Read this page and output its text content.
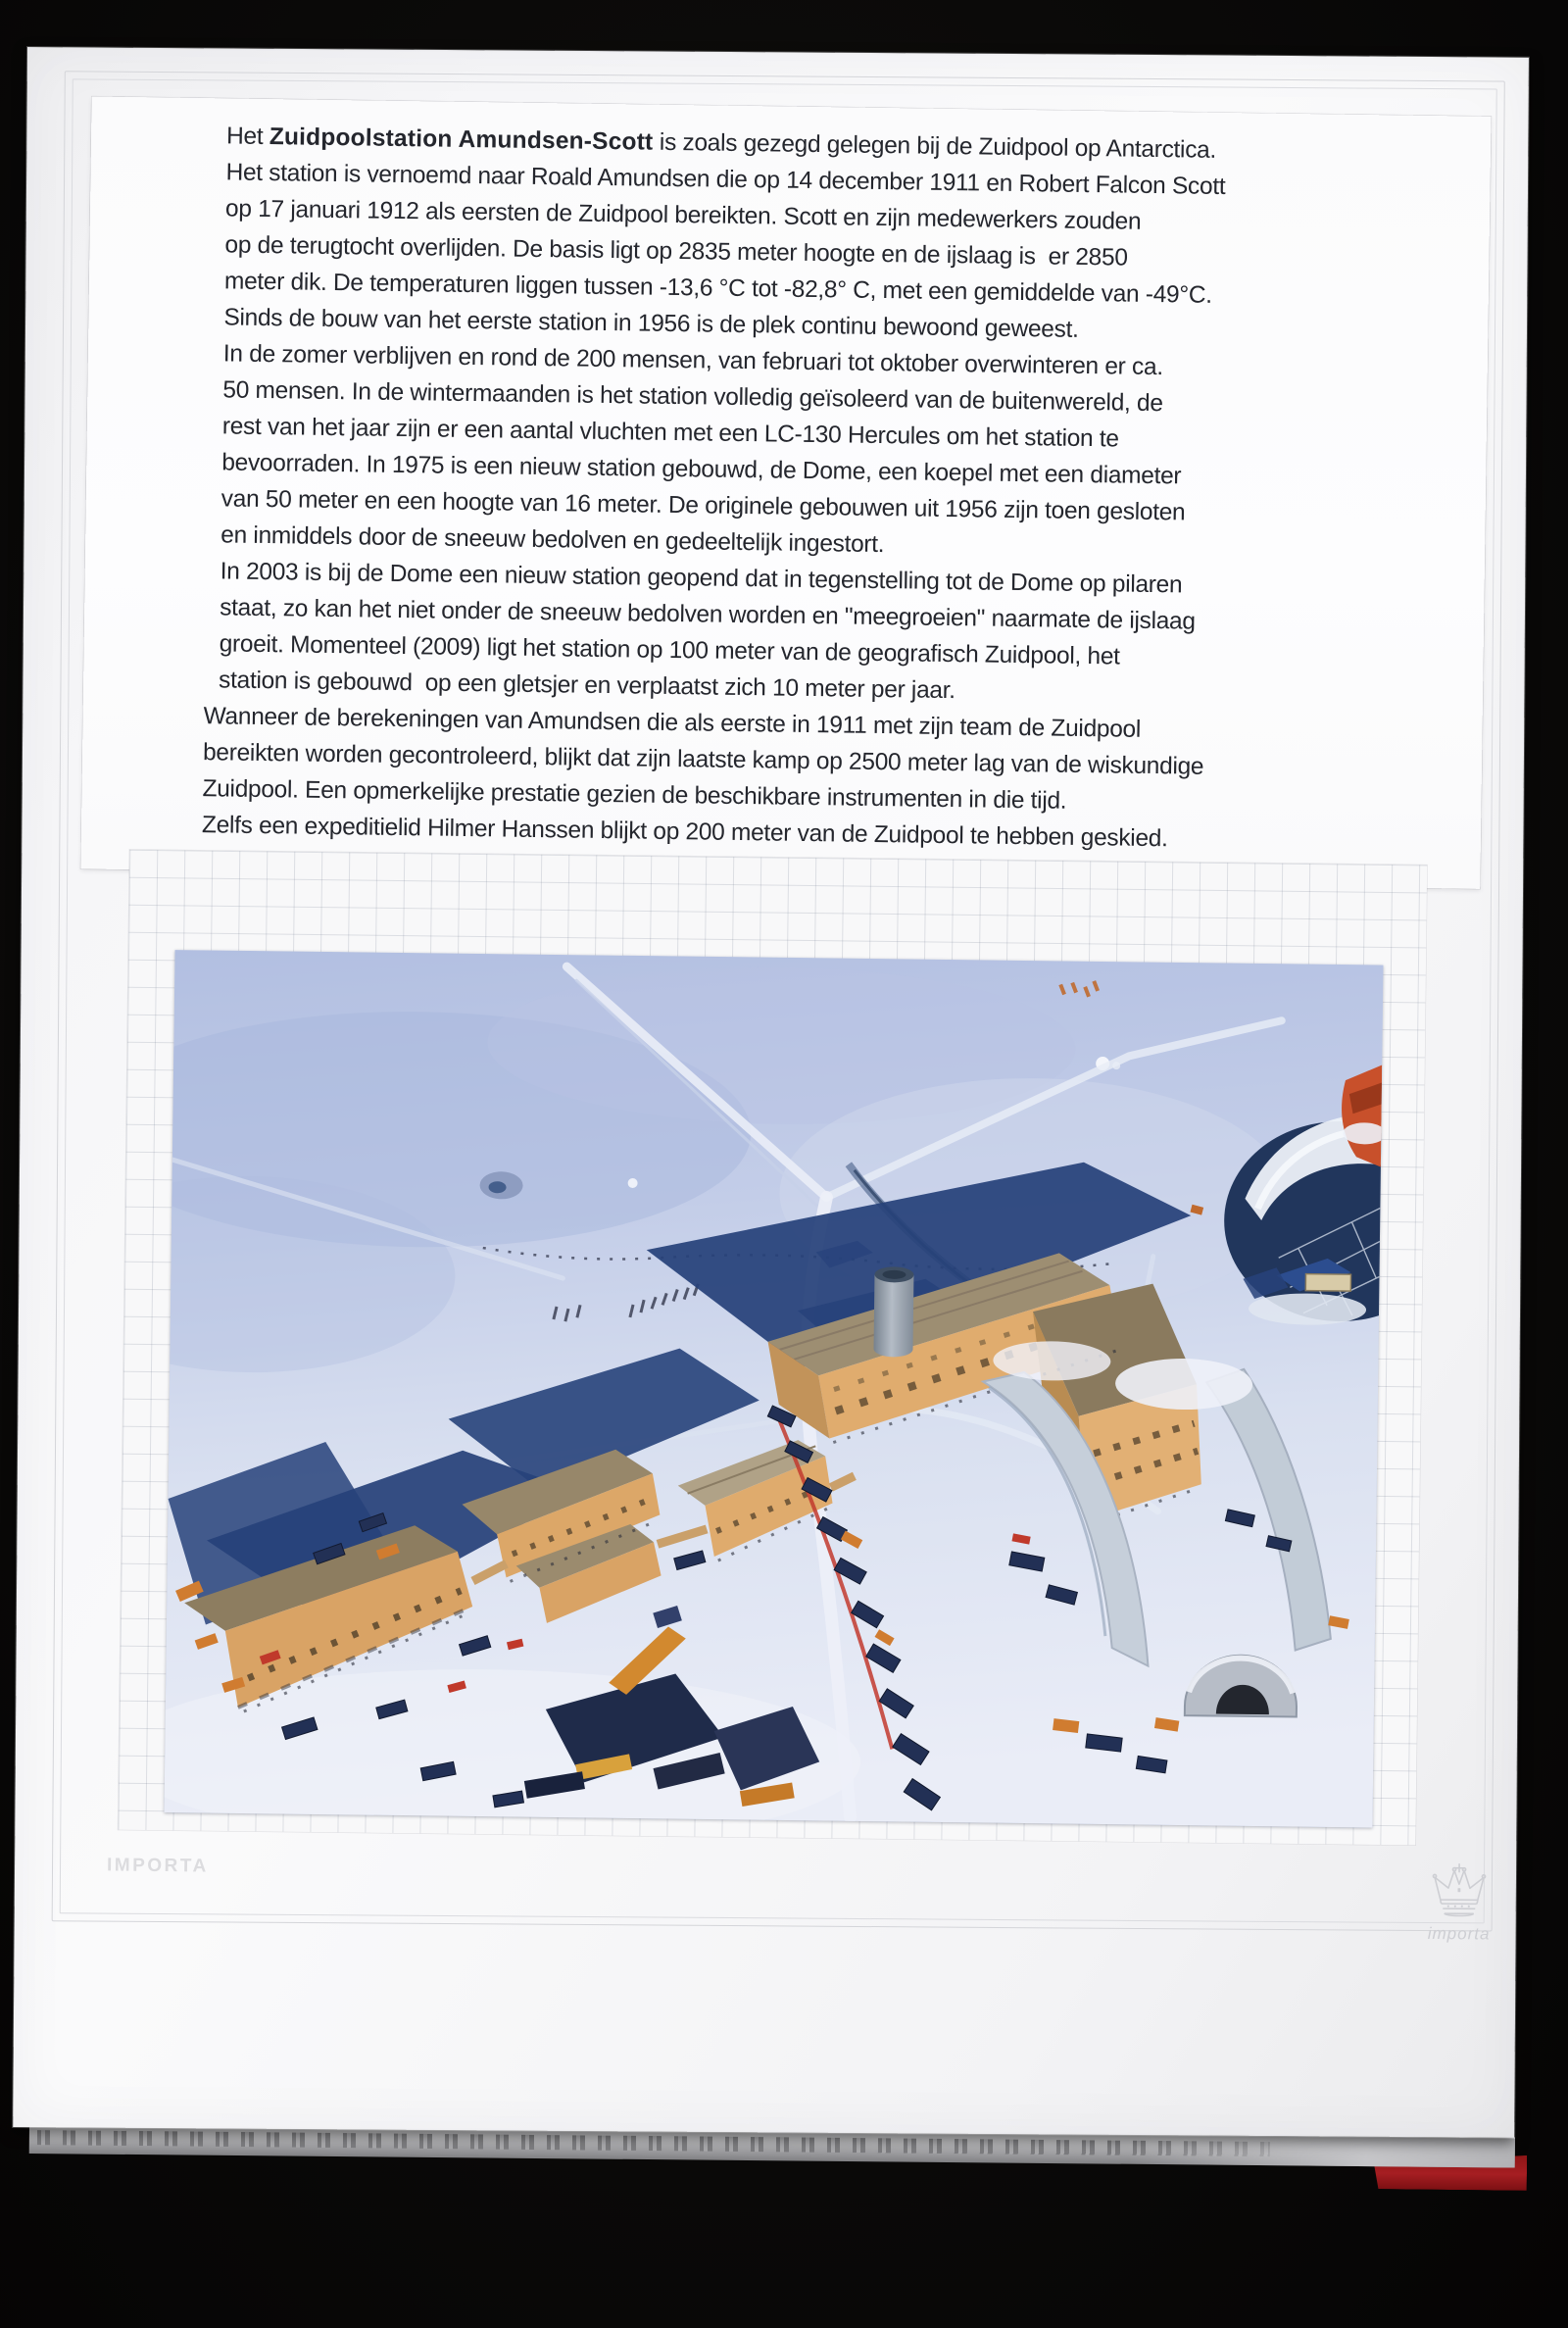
Het Zuidpoolstation Amundsen-Scott is zoals gezegd gelegen bij de Zuidpool op Antarctica.
Het station is vernoemd naar Roald Amundsen die op 14 december 1911 en Robert Falcon Scott
op 17 januari 1912 als eersten de Zuidpool bereikten. Scott en zijn medewerkers zouden
op de terugtocht overlijden. De basis ligt op 2835 meter hoogte en de ijslaag is  er 2850
meter dik. De temperaturen liggen tussen -13,6 °C tot -82,8° C, met een gemiddelde van -49°C.
Sinds de bouw van het eerste station in 1956 is de plek continu bewoond geweest.
In de zomer verblijven en rond de 200 mensen, van februari tot oktober overwinteren er ca.
50 mensen. In de wintermaanden is het station volledig geïsoleerd van de buitenwereld, de
rest van het jaar zijn er een aantal vluchten met een LC-130 Hercules om het station te
bevoorraden. In 1975 is een nieuw station gebouwd, de Dome, een koepel met een diameter
van 50 meter en een hoogte van 16 meter. De originele gebouwen uit 1956 zijn toen gesloten
en inmiddels door de sneeuw bedolven en gedeeltelijk ingestort.
In 2003 is bij de Dome een nieuw station geopend dat in tegenstelling tot de Dome op pilaren
staat, zo kan het niet onder de sneeuw bedolven worden en "meegroeien" naarmate de ijslaag
groeit. Momenteel (2009) ligt het station op 100 meter van de geografisch Zuidpool, het
station is gebouwd  op een gletsjer en verplaatst zich 10 meter per jaar.
Wanneer de berekeningen van Amundsen die als eerste in 1911 met zijn team de Zuidpool
bereikten worden gecontroleerd, blijkt dat zijn laatste kamp op 2500 meter lag van de wiskundige
Zuidpool. Een opmerkelijke prestatie gezien de beschikbare instrumenten in die tijd.
Zelfs een expeditielid Hilmer Hanssen blijkt op 200 meter van de Zuidpool te hebben geskied.
IMPORTA
importa
